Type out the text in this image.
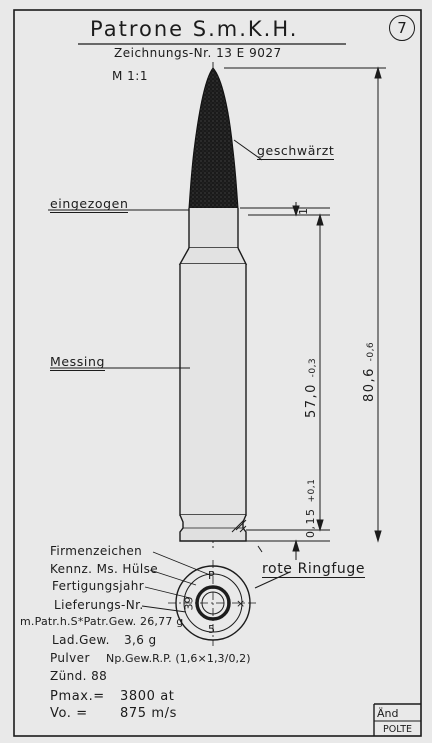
P
×
39
5
Patrone S.m.K.H.	7
Zeichnungs-Nr. 13 E 9027
M 1:1
geschwärzt
eingezogen
Messing
rote Ringfuge
80,6 -0,6
57,0 -0,3
0,15 +0,1
1
Firmenzeichen
Kennz. Ms. Hülse
Fertigungsjahr
Lieferungs-Nr.
m.Patr.h.S*Patr.Gew. 26,77 g
Lad.Gew. 3,6 g
Pulver Np.Gew.R.P. (1,6×1,3/0,2)
Zünd. 88
Pmax.= 3800 at
Vo. = 875 m/s	Änd
POLTE
